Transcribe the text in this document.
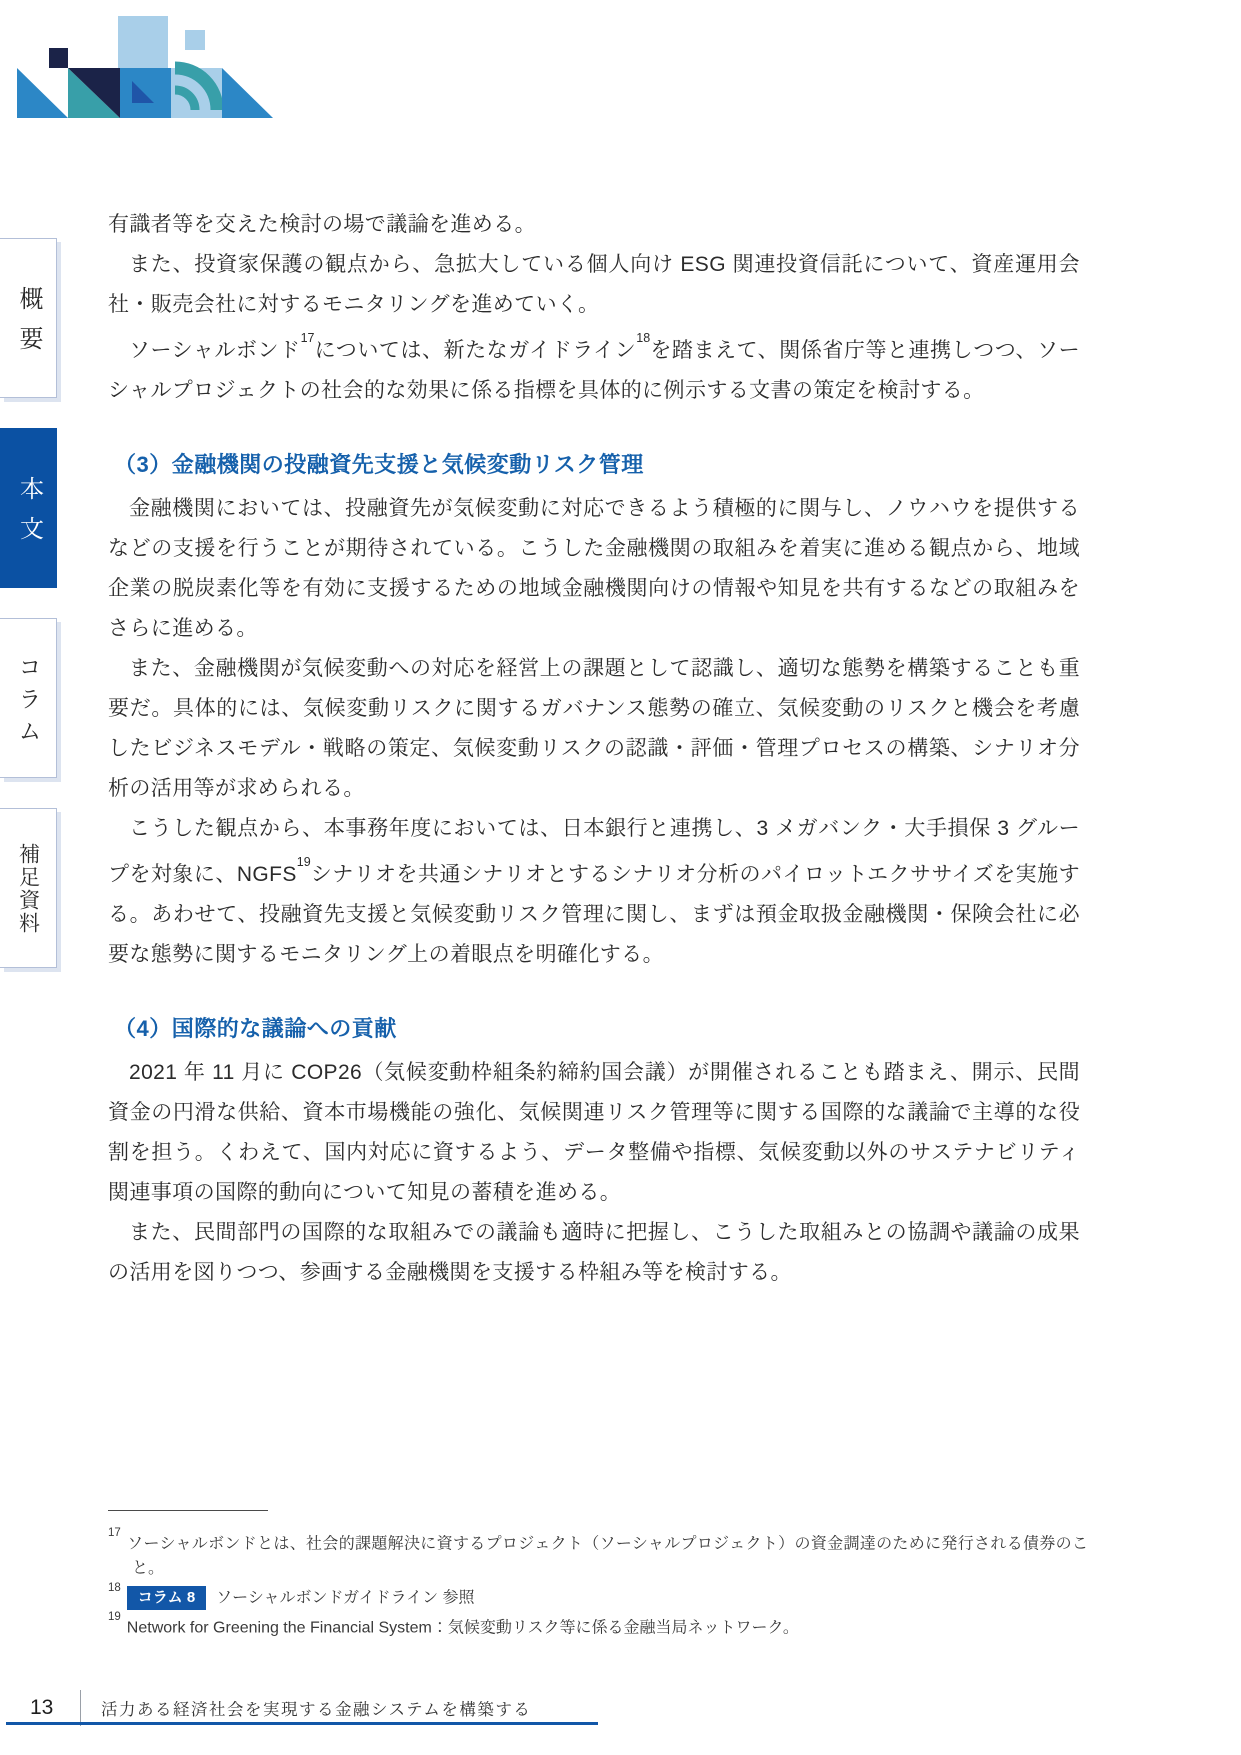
概要
本文
コラム
補足資料

有識者等を交えた検討の場で議論を進める。

また、投資家保護の観点から、急拡大している個人向け ESG 関連投資信託について、資産運用会社・販売会社に対するモニタリングを進めていく。

ソーシャルボンド$^{17}$については、新たなガイドライン$^{18}$を踏まえて、関係省庁等と連携しつつ、ソーシャルプロジェクトの社会的な効果に係る指標を具体的に例示する文書の策定を検討する。

（3）金融機関の投融資先支援と気候変動リスク管理

金融機関においては、投融資先が気候変動に対応できるよう積極的に関与し、ノウハウを提供するなどの支援を行うことが期待されている。こうした金融機関の取組みを着実に進める観点から、地域企業の脱炭素化等を有効に支援するための地域金融機関向けの情報や知見を共有するなどの取組みをさらに進める。

また、金融機関が気候変動への対応を経営上の課題として認識し、適切な態勢を構築することも重要だ。具体的には、気候変動リスクに関するガバナンス態勢の確立、気候変動のリスクと機会を考慮したビジネスモデル・戦略の策定、気候変動リスクの認識・評価・管理プロセスの構築、シナリオ分析の活用等が求められる。

こうした観点から、本事務年度においては、日本銀行と連携し、3 メガバンク・大手損保 3 グループを対象に、NGFS$^{19}$シナリオを共通シナリオとするシナリオ分析のパイロットエクササイズを実施する。あわせて、投融資先支援と気候変動リスク管理に関し、まずは預金取扱金融機関・保険会社に必要な態勢に関するモニタリング上の着眼点を明確化する。

（4）国際的な議論への貢献

2021 年 11 月に COP26（気候変動枠組条約締約国会議）が開催されることも踏まえ、開示、民間資金の円滑な供給、資本市場機能の強化、気候関連リスク管理等に関する国際的な議論で主導的な役割を担う。くわえて、国内対応に資するよう、データ整備や指標、気候変動以外のサステナビリティ関連事項の国際的動向について知見の蓄積を進める。

また、民間部門の国際的な取組みでの議論も適時に把握し、こうした取組みとの協調や議論の成果の活用を図りつつ、参画する金融機関を支援する枠組み等を検討する。

$^{17}$ソーシャルボンドとは、社会的課題解決に資するプロジェクト（ソーシャルプロジェクト）の資金調達のために発行される債券のこと。
$^{18}$コラム 8 ソーシャルボンドガイドライン 参照
$^{19}$Network for Greening the Financial System：気候変動リスク等に係る金融当局ネットワーク。
13	活力ある経済社会を実現する金融システムを構築する
